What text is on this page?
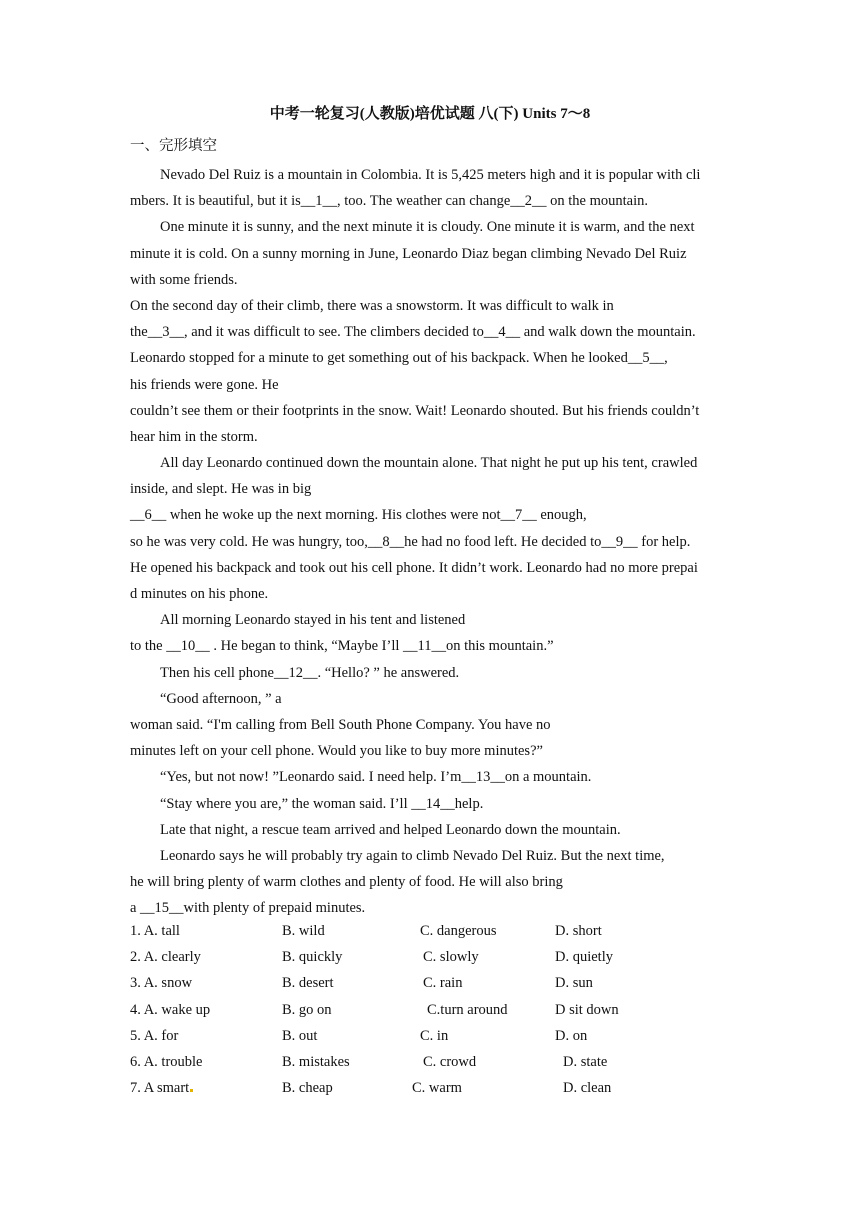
中考一轮复习(人教版)培优试题 八(下) Units 7～8
一、完形填空
Nevado Del Ruiz is a mountain in Colombia. It is 5,425 meters high and it is popular with cli
mbers. It is beautiful, but it is__1__, too. The weather can change__2__ on the mountain.
One minute it is sunny, and the next minute it is cloudy. One minute it is warm, and the next
minute it is cold. On a sunny morning in June, Leonardo Diaz began climbing Nevado Del Ruiz
with some friends.
On the second day of their climb, there was a snowstorm. It was difficult to walk in
the__3__, and it was difficult to see. The climbers decided to__4__ and walk down the mountain.
Leonardo stopped for a minute to get something out of his backpack. When he looked__5__,
his friends were gone. He
couldn’t see them or their footprints in the snow. Wait! Leonardo shouted. But his friends couldn’t
hear him in the storm.
All day Leonardo continued down the mountain alone. That night he put up his tent, crawled
inside, and slept. He was in big
__6__ when he woke up the next morning. His clothes were not__7__ enough,
so he was very cold. He was hungry, too,__8__he had no food left. He decided to__9__ for help.
He opened his backpack and took out his cell phone. It didn’t work. Leonardo had no more prepai
d minutes on his phone.
All morning Leonardo stayed in his tent and listened
to the __10__ . He began to think, “Maybe I’ll __11__on this mountain.”
Then his cell phone__12__. “Hello? ” he answered.
“Good afternoon, ” a
woman said. “I'm calling from Bell South Phone Company. You have no
minutes left on your cell phone. Would you like to buy more minutes?”
“Yes, but not now! ”Leonardo said. I need help. I’m__13__on a mountain.
“Stay where you are,” the woman said. I’ll __14__help.
Late that night, a rescue team arrived and helped Leonardo down the mountain.
Leonardo says he will probably try again to climb Nevado Del Ruiz. But the next time,
he will bring plenty of warm clothes and plenty of food. He will also bring
a __15__with plenty of prepaid minutes.
1. A. tall	B. wild	C. dangerous	D. short
2. A. clearly	B. quickly	C. slowly	D. quietly
3. A. snow	B. desert	C. rain	D. sun
4. A. wake up	B. go on	C.turn around	D sit down
5. A. for	B. out	C. in	D. on
6. A. trouble	B. mistakes	C. crowd	D. state
7. A smart	B. cheap	C. warm	D. clean
